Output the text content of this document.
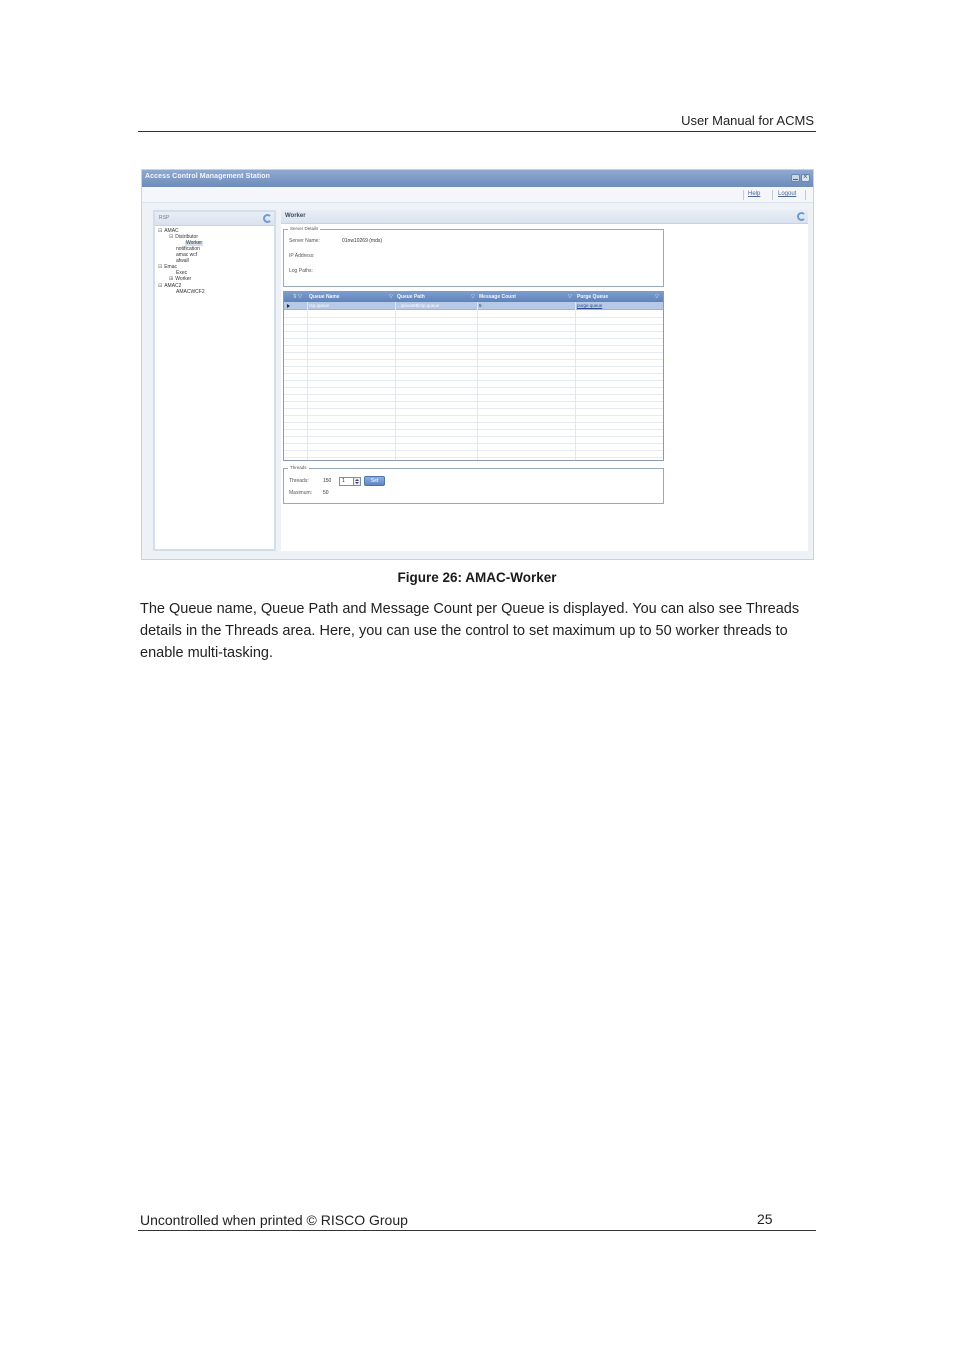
User Manual for ACMS
Access Control Management Station
×
Help	Logout
RSP
⊟ AMAC
⊟ Distributor
Worker
notification
amac wcf
afwall
⊟ Emac
Exec
⊞ Worker
⊟ AMAC2
AMACWCF2
Worker
Server Details
Server Name:	01nw10269 (mds)
IP Address:
Log Paths:
⊼ ▽ Queue Name	▽ Queue Path	▽ Message Count	▽ Purge Queue	▽
rsp.queue	...\private$\rsp.queue	5	purge queue
Threads
Threads:	150	1	Set
Maximum: 50
Figure 26: AMAC-Worker

The Queue name, Queue Path and Message Count per Queue is displayed. You can also see Threads details in the Threads area. Here, you can use the control to set maximum up to 50 worker threads to enable multi-tasking.

Uncontrolled when printed © RISCO Group	25
